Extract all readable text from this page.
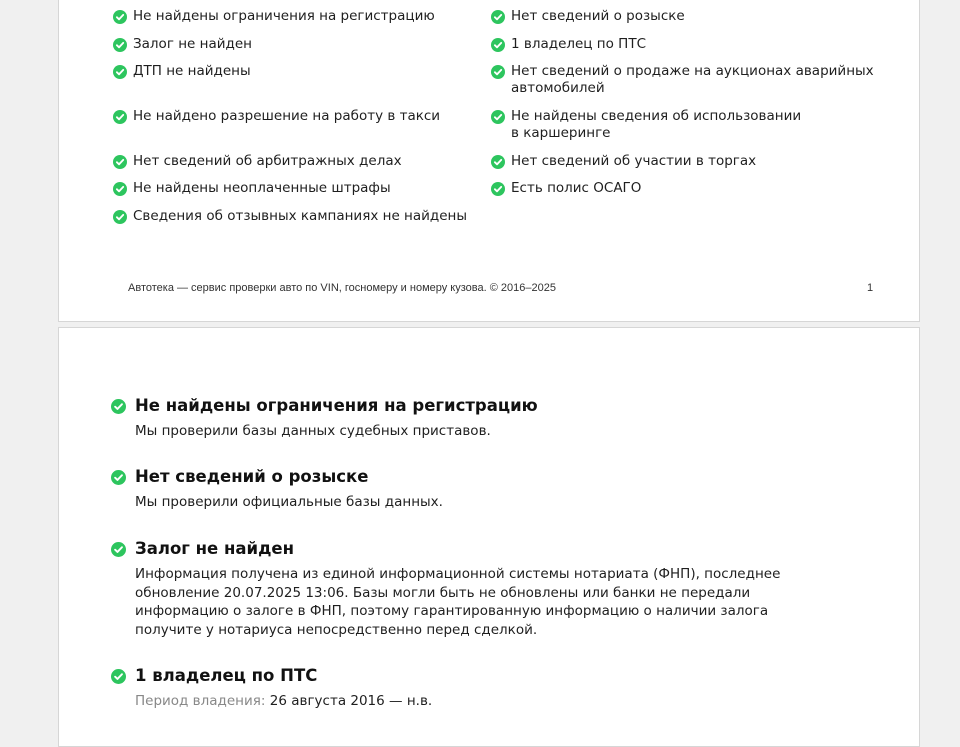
Не найдены ограничения на регистрацию
Залог не найден
ДТП не найдены
Не найдено разрешение на работу в такси
Нет сведений об арбитражных делах
Не найдены неоплаченные штрафы
Сведения об отзывных кампаниях не найдены
Нет сведений о розыске
1 владелец по ПТС
Нет сведений о продаже на аукционах аварийных
автомобилей
Не найдены сведения об использовании
в каршеринге
Нет сведений об участии в торгах
Есть полис ОСАГО
Автотека — сервис проверки авто по VIN, госномеру и номеру кузова. © 2016–2025	1
Не найдены ограничения на регистрацию

Мы проверили базы данных судебных приставов.

Нет сведений о розыске

Мы проверили официальные базы данных.

Залог не найден

Информация получена из единой информационной системы нотариата (ФНП), последнее обновление 20.07.2025 13:06. Базы могли быть не обновлены или банки не передали информацию о залоге в ФНП, поэтому гарантированную информацию о наличии залога получите у нотариуса непосредственно перед сделкой.

1 владелец по ПТС

Период владения: 26 августа 2016 — н.в.
